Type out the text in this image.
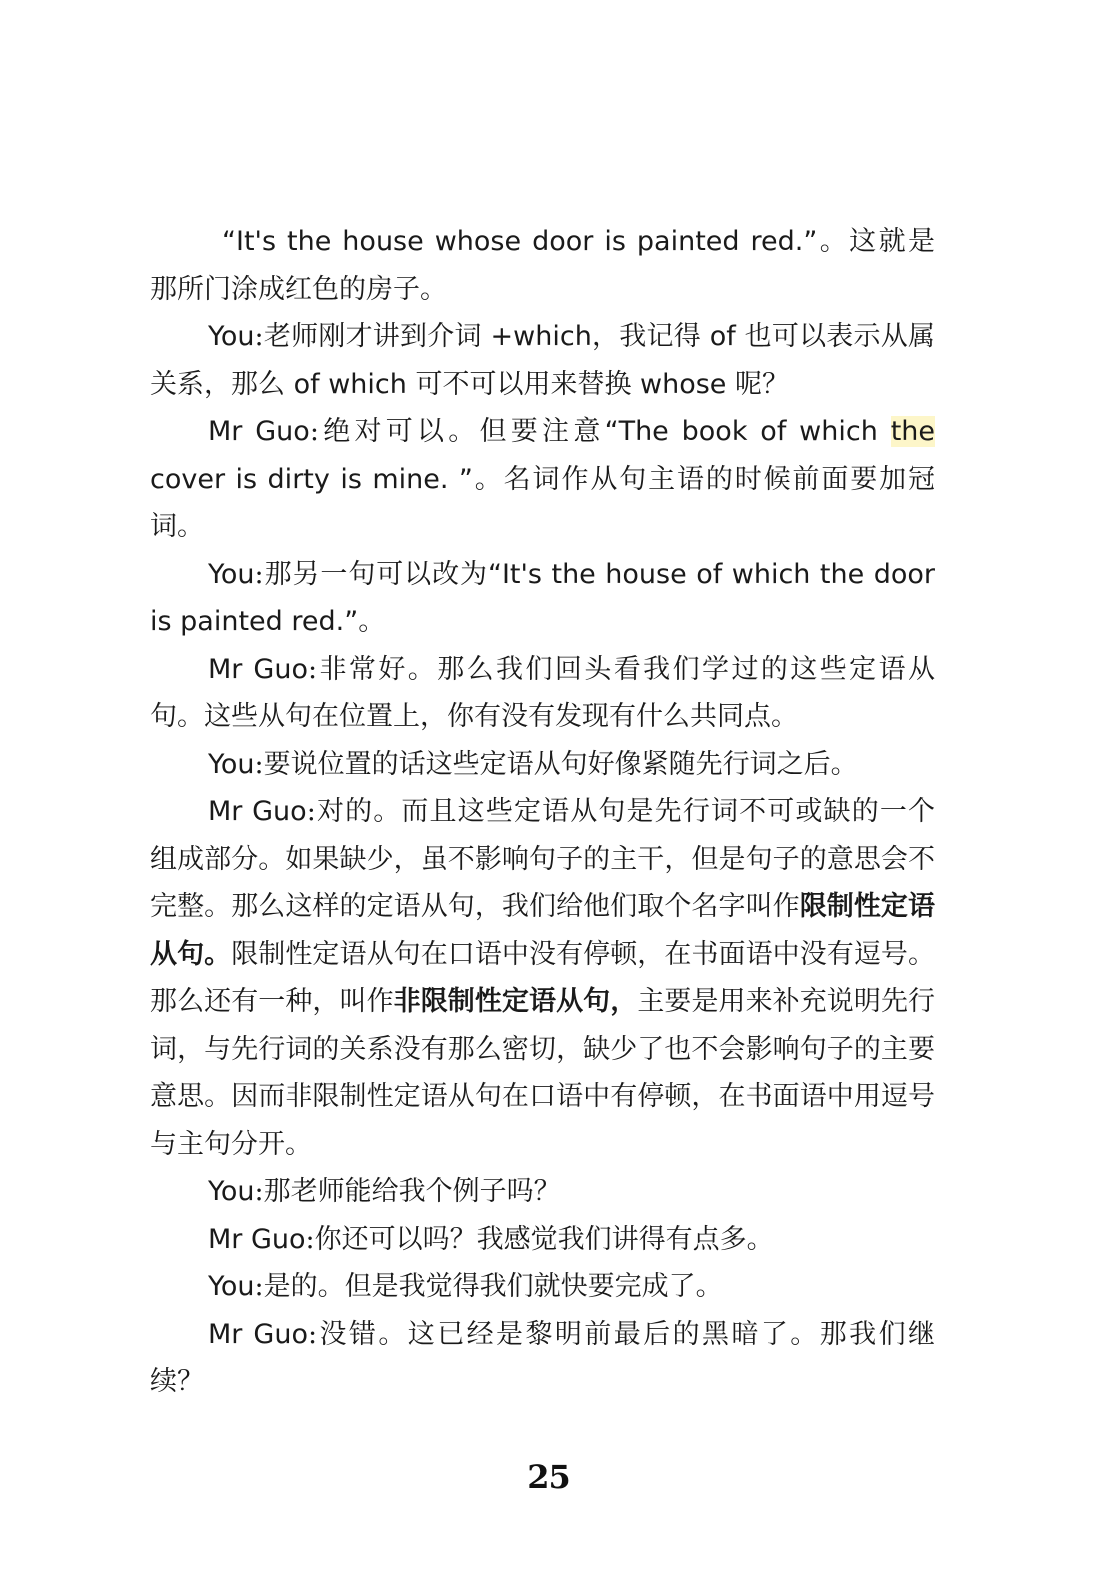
“It's the house whose door is painted red.”。这就是那所门涂成红色的房子。

You:老师刚才讲到介词 +which，我记得 of 也可以表示从属关系，那么 of which 可不可以用来替换 whose 呢？

Mr Guo:绝对可以。但要注意“The book of which the cover is dirty is mine. ”。名词作从句主语的时候前面要加冠词。

You:那另一句可以改为“It's the house of which the door is painted red.”。

Mr Guo:非常好。那么我们回头看我们学过的这些定语从句。这些从句在位置上，你有没有发现有什么共同点。

You:要说位置的话这些定语从句好像紧随先行词之后。

Mr Guo:对的。而且这些定语从句是先行词不可或缺的一个组成部分。如果缺少，虽不影响句子的主干，但是句子的意思会不完整。那么这样的定语从句，我们给他们取个名字叫作限制性定语从句。限制性定语从句在口语中没有停顿，在书面语中没有逗号。那么还有一种，叫作非限制性定语从句，主要是用来补充说明先行词，与先行词的关系没有那么密切，缺少了也不会影响句子的主要意思。因而非限制性定语从句在口语中有停顿，在书面语中用逗号与主句分开。

You:那老师能给我个例子吗？

Mr Guo:你还可以吗？我感觉我们讲得有点多。

You:是的。但是我觉得我们就快要完成了。

Mr Guo:没错。这已经是黎明前最后的黑暗了。那我们继续？

25
